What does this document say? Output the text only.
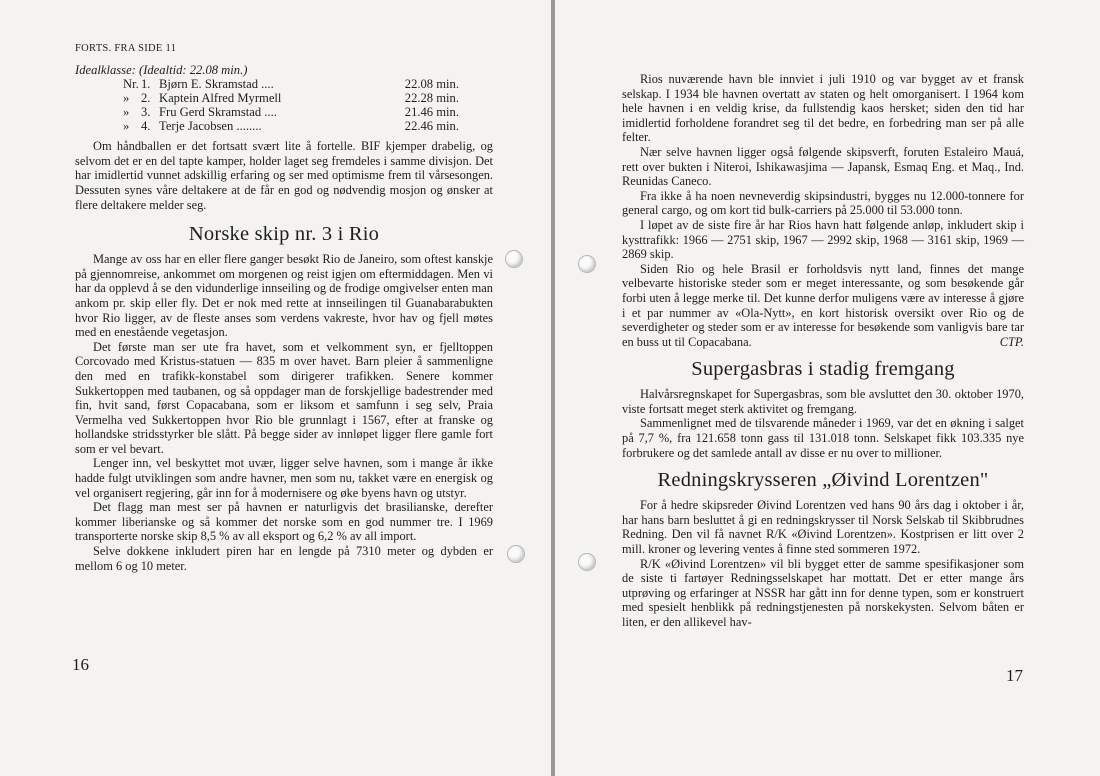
FORTS. FRA SIDE 11

Idealklasse: (Idealtid: 22.08 min.)

Nr.	1.	Bjørn E. Skramstad ....	22.08 min.
»	2.	Kaptein Alfred Myrmell	22.28 min.
»	3.	Fru Gerd Skramstad ....	21.46 min.
»	4.	Terje Jacobsen ........	22.46 min.

Om håndballen er det fortsatt svært lite å fortelle. BIF kjemper drabelig, og selvom det er en del tapte kamper, holder laget seg fremdeles i samme divisjon. Det har imidlertid vunnet adskillig erfaring og ser med optimisme frem til vårsesongen. Dessuten synes våre deltakere at de får en god og nødvendig mosjon og ønsker at flere deltakere melder seg.

Norske skip nr. 3 i Rio

Mange av oss har en eller flere ganger besøkt Rio de Janeiro, som oftest kanskje på gjennomreise, ankommet om morgenen og reist igjen om eftermiddagen. Men vi har da opplevd å se den vidunderlige innseiling og de frodige omgivelser enten man ankom pr. skip eller fly. Det er nok med rette at innseilingen til Guanabarabukten hvor Rio ligger, av de fleste anses som verdens vakreste, hvor hav og fjell møtes med en enestående vegetasjon.

Det første man ser ute fra havet, som et velkomment syn, er fjelltoppen Corcovado med Kristus-statuen — 835 m over havet. Barn pleier å sammenligne den med en trafikk-konstabel som dirigerer trafikken. Senere kommer Sukkertoppen med taubanen, og så oppdager man de forskjellige badestrender med fin, hvit sand, først Copacabana, som er liksom et samfunn i seg selv, Praia Vermelha ved Sukkertoppen hvor Rio ble grunnlagt i 1567, efter at franske og hollandske stridsstyrker ble slått. På begge sider av innløpet ligger flere gamle fort som er vel bevart.

Lenger inn, vel beskyttet mot uvær, ligger selve havnen, som i mange år ikke hadde fulgt utviklingen som andre havner, men som nu, takket være en energisk og vel organisert regjering, går inn for å modernisere og øke byens havn og utstyr.

Det flagg man mest ser på havnen er naturligvis det brasilianske, derefter kommer liberianske og så kommer det norske som en god nummer tre. I 1969 transporterte norske skip 8,5 % av all eksport og 6,2 % av all import.

Selve dokkene inkludert piren har en lengde på 7310 meter og dybden er mellom 6 og 10 meter.

16

Rios nuværende havn ble innviet i juli 1910 og var bygget av et fransk selskap. I 1934 ble havnen overtatt av staten og helt omorganisert. I 1964 kom hele havnen i en veldig krise, da fullstendig kaos hersket; siden den tid har imidlertid forholdene forandret seg til det bedre, en forbedring man ser på alle felter.

Nær selve havnen ligger også følgende skipsverft, foruten Estaleiro Mauá, rett over bukten i Niteroi, Ishikawasjima — Japansk, Esmaq Eng. et Maq., Ind. Reunidas Caneco.

Fra ikke å ha noen nevneverdig skipsindustri, bygges nu 12.000-tonnere for general cargo, og om kort tid bulk-carriers på 25.000 til 53.000 tonn.

I løpet av de siste fire år har Rios havn hatt følgende anløp, inkludert skip i kysttrafikk: 1966 — 2751 skip, 1967 — 2992 skip, 1968 — 3161 skip, 1969 — 2869 skip.

Siden Rio og hele Brasil er forholdsvis nytt land, finnes det mange velbevarte historiske steder som er meget interessante, og som besøkende går forbi uten å legge merke til. Det kunne derfor muligens være av interesse å gjøre i et par nummer av «Ola-Nytt», en kort historisk oversikt over Rio og de severdigheter og steder som er av interesse for besøkende som vanligvis bare tar en buss ut til Copacabana.	CTP.

Supergasbras i stadig fremgang

Halvårsregnskapet for Supergasbras, som ble avsluttet den 30. oktober 1970, viste fortsatt meget sterk aktivitet og fremgang.

Sammenlignet med de tilsvarende måneder i 1969, var det en økning i salget på 7,7 %, fra 121.658 tonn gass til 131.018 tonn. Selskapet fikk 103.335 nye forbrukere og det samlede antall av disse er nu over to millioner.

Redningskrysseren „Øivind Lorentzen"

For å hedre skipsreder Øivind Lorentzen ved hans 90 års dag i oktober i år, har hans barn besluttet å gi en redningskrysser til Norsk Selskab til Skibbrudnes Redning. Den vil få navnet R/K «Øivind Lorentzen». Kostprisen er litt over 2 mill. kroner og levering ventes å finne sted sommeren 1972.

R/K «Øivind Lorentzen» vil bli bygget etter de samme spesifikasjoner som de siste ti fartøyer Redningsselskapet har mottatt. Det er etter mange års utprøving og erfaringer at NSSR har gått inn for denne typen, som er konstruert med spesielt henblikk på redningstjenesten på norskekysten. Selvom båten er liten, er den allikevel hav-

17
